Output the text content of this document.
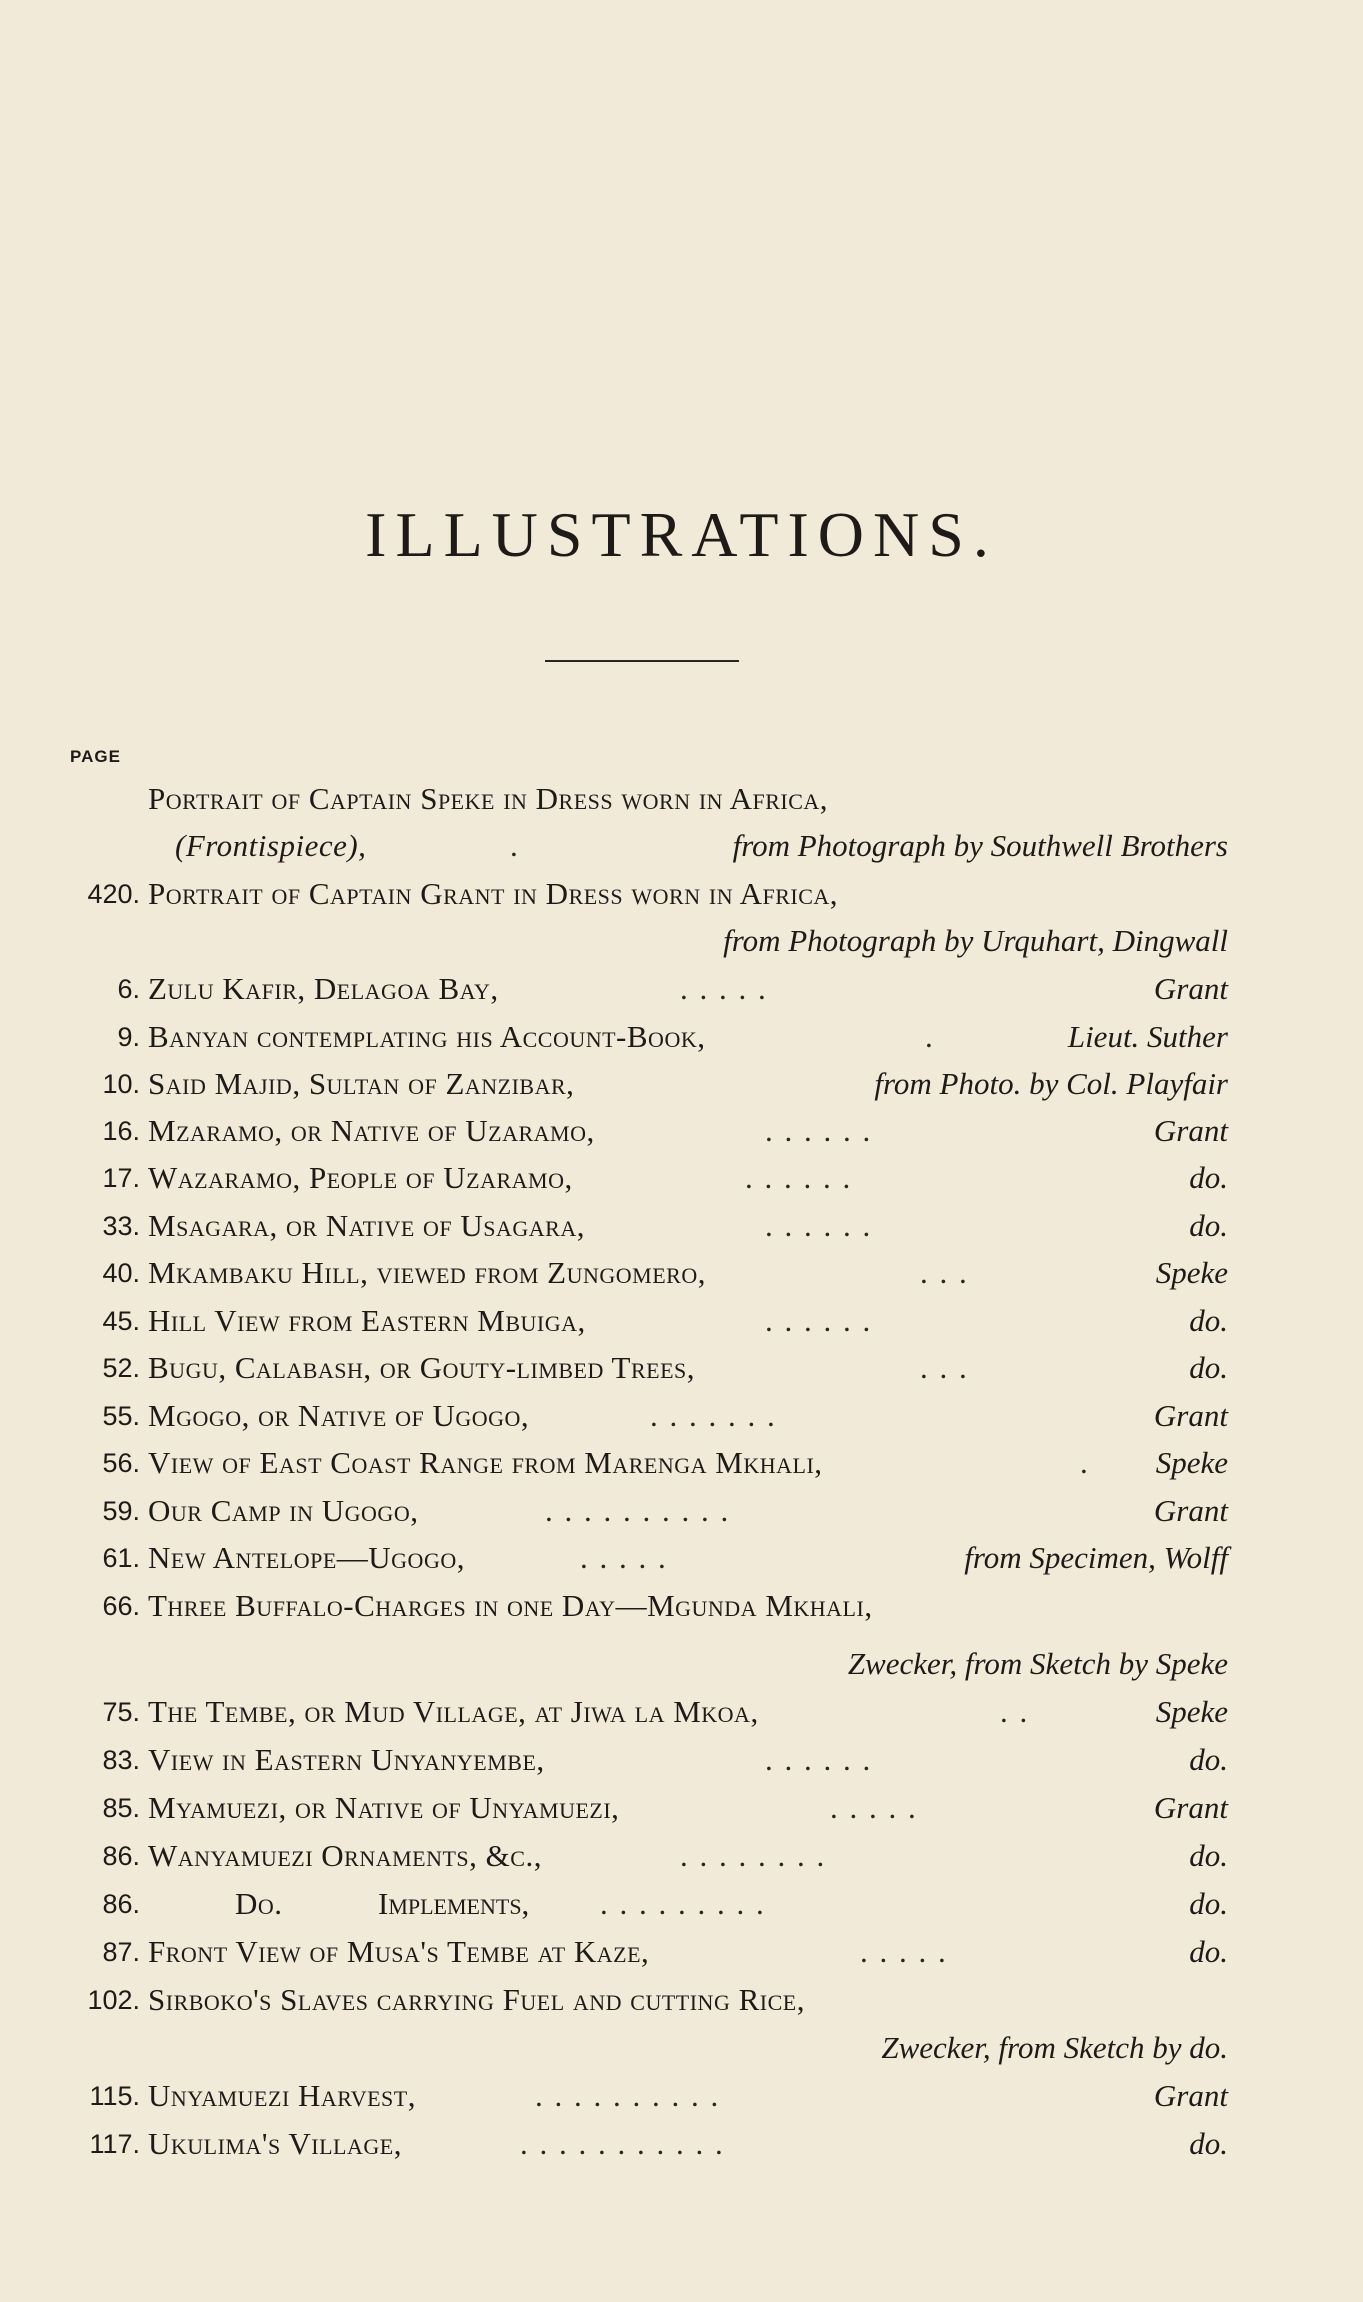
ILLUSTRATIONS.
PAGE
Portrait of Captain Speke in Dress worn in Africa,
(Frontispiece),	.	from Photograph by Southwell Brothers
420. Portrait of Captain Grant in Dress worn in Africa,
from Photograph by Urquhart, Dingwall
6. Zulu Kafir, Delagoa Bay,	. . . . .	Grant
9. Banyan contemplating his Account-Book,	.	Lieut. Suther
10. Said Majid, Sultan of Zanzibar,	from Photo. by Col. Playfair
16. Mzaramo, or Native of Uzaramo,	. . . . . .	Grant
17. Wazaramo, People of Uzaramo,	. . . . . .	do.
33. Msagara, or Native of Usagara,	. . . . . .	do.
40. Mkambaku Hill, viewed from Zungomero,	. . .	Speke
45. Hill View from Eastern Mbuiga,	. . . . . .	do.
52. Bugu, Calabash, or Gouty-limbed Trees,	. . .	do.
55. Mgogo, or Native of Ugogo,	. . . . . . .	Grant
56. View of East Coast Range from Marenga Mkhali,	. Speke
59. Our Camp in Ugogo,	. . . . . . . . . .	Grant
61. New Antelope—Ugogo,	. . . . .	from Specimen, Wolff
66. Three Buffalo-Charges in one Day—Mgunda Mkhali,
Zwecker, from Sketch by Speke
75. The Tembe, or Mud Village, at Jiwa la Mkoa,	. .	Speke
83. View in Eastern Unyanyembe,	. . . . . .	do.
85. Myamuezi, or Native of Unyamuezi,	. . . . .	Grant
86. Wanyamuezi Ornaments, &c.,	. . . . . . . .	do.
86.	Do.	Implements, . . . . . . . . .	do.
87. Front View of Musa's Tembe at Kaze,	. . . . .	do.
102. Sirboko's Slaves carrying Fuel and cutting Rice,
Zwecker, from Sketch by do.
115. Unyamuezi Harvest,	. . . . . . . . . .	Grant
117. Ukulima's Village,	. . . . . . . . . . .	do.
